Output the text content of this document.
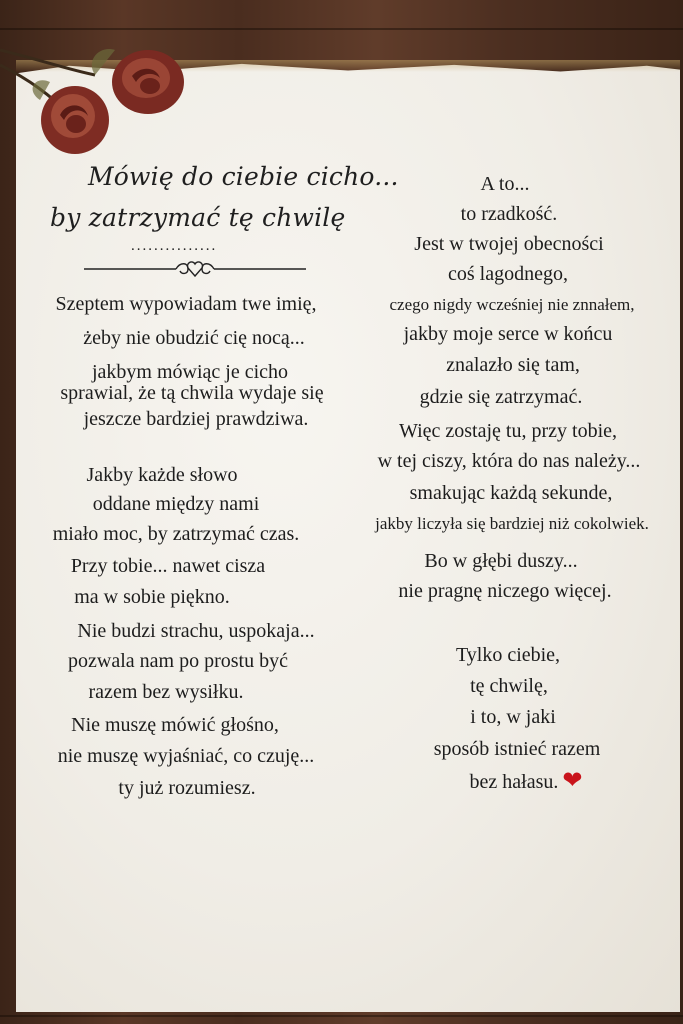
Mówię do ciebie cicho...
by zatrzymać tę chwilę
...............
Szeptem wypowiadam twe imię,
żeby nie obudzić cię nocą...
jakbym mówiąc je cicho
sprawial, że tą chwila wydaje się
jeszcze bardziej prawdziwa.
Jakby każde słowo
oddane między nami
miało moc, by zatrzymać czas.
Przy tobie... nawet cisza
ma w sobie piękno.
Nie budzi strachu, uspokaja...
pozwala nam po prostu być
razem bez wysiłku.
Nie muszę mówić głośno,
nie muszę wyjaśniać, co czuję...
ty już rozumiesz.
A to...
to rzadkość.
Jest w twojej obecności
coś lagodnego,
czego nigdy wcześniej nie znnałem,
jakby moje serce w końcu
znalazło się tam,
gdzie się zatrzymać.
Więc zostaję tu, przy tobie,
w tej ciszy, która do nas należy...
smakując każdą sekunde,
jakby liczyła się bardziej niż cokolwiek.
Bo w głębi duszy...
nie pragnę niczego więcej.
Tylko ciebie,
tę chwilę,
i to, w jaki
sposób istnieć razem
bez hałasu. ❤
